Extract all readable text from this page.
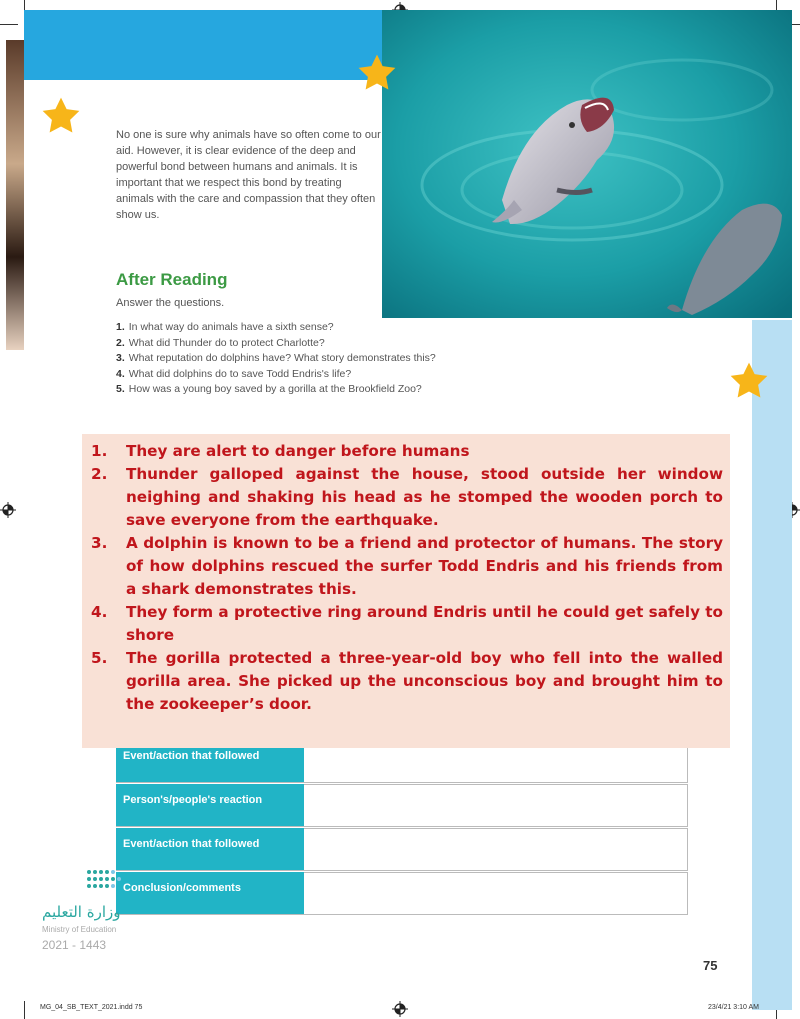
No one is sure why animals have so often come to our aid. However, it is clear evidence of the deep and powerful bond between humans and animals. It is important that we respect this bond by treating animals with the care and compassion that they often show us.

After Reading

Answer the questions.

1. In what way do animals have a sixth sense?
2. What did Thunder do to protect Charlotte?
3. What reputation do dolphins have? What story demonstrates this?
4. What did dolphins do to save Todd Endris's life?
5. How was a young boy saved by a gorilla at the Brookfield Zoo?
Event/action that followed
Person's/people's reaction
Event/action that followed
Conclusion/comments
1.	They are alert to danger before humans
2.	Thunder galloped against the house, stood outside her window neighing and shaking his head as he stomped the wooden porch to save everyone from the earthquake.
3.	A dolphin is known to be a friend and protector of humans. The story of how dolphins rescued the surfer Todd Endris and his friends from a shark demonstrates this.
4.	They form a protective ring around Endris until he could get safely to shore
5.	The gorilla protected a three-year-old boy who fell into the walled gorilla area. She picked up the unconscious boy and brought him to the zookeeper’s door.
وزارة التعليم
Ministry of Education
2021 - 1443
75
MG_04_SB_TEXT_2021.indd 75	23/4/21 3:10 AM
